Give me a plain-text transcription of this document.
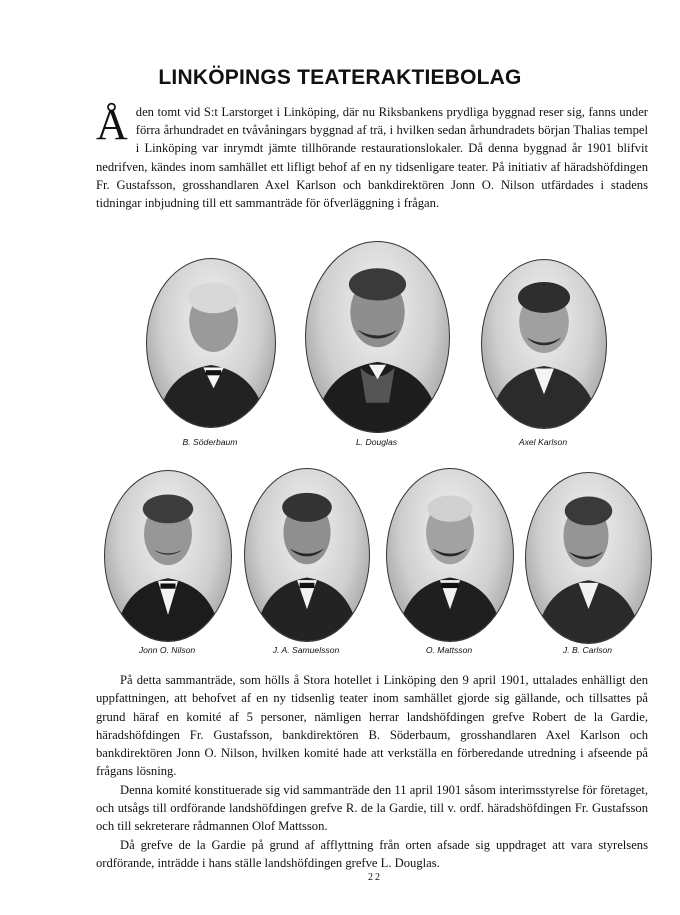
LINKÖPINGS TEATERAKTIEBOLAG
Å den tomt vid S:t Larstorget i Linköping, där nu Riksbankens prydliga byggnad reser sig, fanns under förra århundradet en tvåvåningars byggnad af trä, i hvilken sedan århundradets början Thalias tempel i Linköping var inrymdt jämte tillhörande restaurationslokaler. Då denna byggnad år 1901 blifvit nedrifven, kändes inom samhället ett lifligt behof af en ny tidsenligare teater. På initiativ af häradshöfdingen Fr. Gustafsson, grosshandlaren Axel Karlson och bankdirektören Jonn O. Nilson utfärdades i stadens tidningar inbjudning till ett sammanträde för öfverläggning i frågan.
B. Söderbaum	L. Douglas	Axel Karlson
Jonn O. Nilson	J. A. Samuelsson	O. Mattsson	J. B. Carlson

På detta sammanträde, som hölls å Stora hotellet i Linköping den 9 april 1901, uttalades enhälligt den uppfattningen, att behofvet af en ny tidsenlig teater inom samhället gjorde sig gällande, och tillsattes på grund häraf en komité af 5 personer, nämligen herrar landshöfdingen grefve Robert de la Gardie, häradshöfdingen Fr. Gustafsson, bankdirektören B. Söderbaum, grosshandlaren Axel Karlson och bankdirektören Jonn O. Nilson, hvilken komité hade att verkställa en förberedande utredning i afseende på frågans lösning.

Denna komité konstituerade sig vid sammanträde den 11 april 1901 såsom interimsstyrelse för företaget, och utsågs till ordförande landshöfdingen grefve R. de la Gardie, till v. ordf. häradshöfdingen Fr. Gustafsson och till sekreterare rådmannen Olof Mattsson.

Då grefve de la Gardie på grund af afflyttning från orten afsade sig uppdraget att vara styrelsens ordförande, inträdde i hans ställe landshöfdingen grefve L. Douglas.

22
